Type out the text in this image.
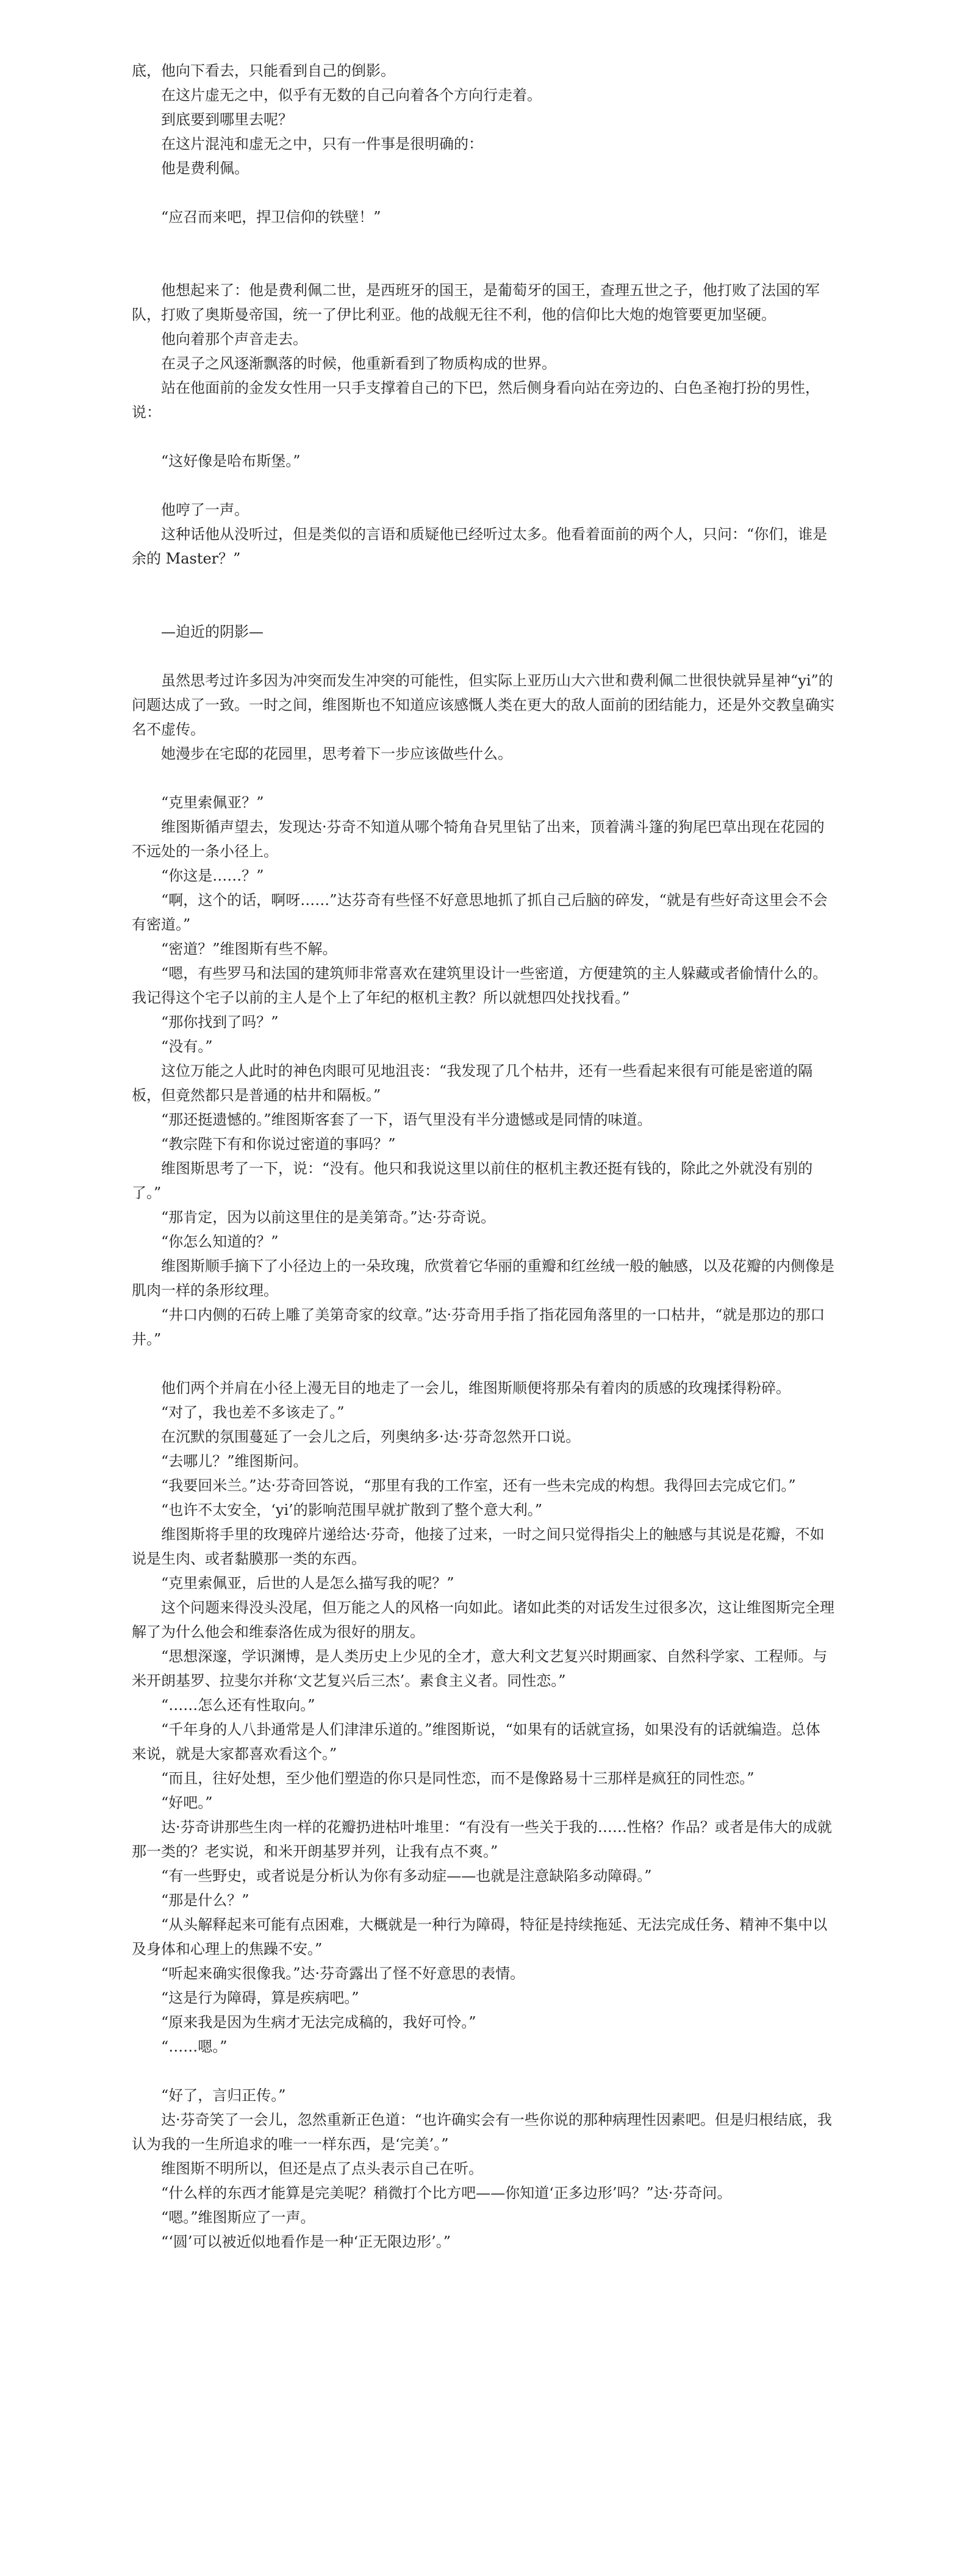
底，他向下看去，只能看到自己的倒影。

在这片虚无之中，似乎有无数的自己向着各个方向行走着。

到底要到哪里去呢？

在这片混沌和虚无之中，只有一件事是很明确的：

他是费利佩。

“应召而来吧，捍卫信仰的铁壁！”

他想起来了：他是费利佩二世，是西班牙的国王，是葡萄牙的国王，查理五世之子，他打败了法国的军队，打败了奥斯曼帝国，统一了伊比利亚。他的战舰无往不利，他的信仰比大炮的炮管要更加坚硬。

他向着那个声音走去。

在灵子之风逐渐飘落的时候，他重新看到了物质构成的世界。

站在他面前的金发女性用一只手支撑着自己的下巴，然后侧身看向站在旁边的、白色圣袍打扮的男性，说：

“这好像是哈布斯堡。”

他哼了一声。

这种话他从没听过，但是类似的言语和质疑他已经听过太多。他看着面前的两个人，只问：“你们，谁是余的 Master？”

—迫近的阴影—

虽然思考过许多因为冲突而发生冲突的可能性，但实际上亚历山大六世和费利佩二世很快就异星神“yi”的问题达成了一致。一时之间，维图斯也不知道应该感慨人类在更大的敌人面前的团结能力，还是外交教皇确实名不虚传。

她漫步在宅邸的花园里，思考着下一步应该做些什么。

“克里索佩亚？”

维图斯循声望去，发现达·芬奇不知道从哪个犄角旮旯里钻了出来，顶着满斗篷的狗尾巴草出现在花园的不远处的一条小径上。

“你这是……？”

“啊，这个的话，啊呀……”达芬奇有些怪不好意思地抓了抓自己后脑的碎发，“就是有些好奇这里会不会有密道。”

“密道？”维图斯有些不解。

“嗯，有些罗马和法国的建筑师非常喜欢在建筑里设计一些密道，方便建筑的主人躲藏或者偷情什么的。我记得这个宅子以前的主人是个上了年纪的枢机主教？所以就想四处找找看。”

“那你找到了吗？”

“没有。”

这位万能之人此时的神色肉眼可见地沮丧：“我发现了几个枯井，还有一些看起来很有可能是密道的隔板，但竟然都只是普通的枯井和隔板。”

“那还挺遗憾的。”维图斯客套了一下，语气里没有半分遗憾或是同情的味道。

“教宗陛下有和你说过密道的事吗？”

维图斯思考了一下，说：“没有。他只和我说这里以前住的枢机主教还挺有钱的，除此之外就没有别的了。”

“那肯定，因为以前这里住的是美第奇。”达·芬奇说。

“你怎么知道的？”

维图斯顺手摘下了小径边上的一朵玫瑰，欣赏着它华丽的重瓣和红丝绒一般的触感，以及花瓣的内侧像是肌肉一样的条形纹理。

“井口内侧的石砖上雕了美第奇家的纹章。”达·芬奇用手指了指花园角落里的一口枯井，“就是那边的那口井。”

他们两个并肩在小径上漫无目的地走了一会儿，维图斯顺便将那朵有着肉的质感的玫瑰揉得粉碎。

“对了，我也差不多该走了。”

在沉默的氛围蔓延了一会儿之后，列奥纳多·达·芬奇忽然开口说。

“去哪儿？”维图斯问。

“我要回米兰。”达·芬奇回答说，“那里有我的工作室，还有一些未完成的构想。我得回去完成它们。”

“也许不太安全，‘yi’的影响范围早就扩散到了整个意大利。”

维图斯将手里的玫瑰碎片递给达·芬奇，他接了过来，一时之间只觉得指尖上的触感与其说是花瓣，不如说是生肉、或者黏膜那一类的东西。

“克里索佩亚，后世的人是怎么描写我的呢？”

这个问题来得没头没尾，但万能之人的风格一向如此。诸如此类的对话发生过很多次，这让维图斯完全理解了为什么他会和维泰洛佐成为很好的朋友。

“思想深邃，学识渊博，是人类历史上少见的全才，意大利文艺复兴时期画家、自然科学家、工程师。与米开朗基罗、拉斐尔并称‘文艺复兴后三杰’。素食主义者。同性恋。”

“……怎么还有性取向。”

“千年身的人八卦通常是人们津津乐道的。”维图斯说，“如果有的话就宣扬，如果没有的话就编造。总体来说，就是大家都喜欢看这个。”

“而且，往好处想，至少他们塑造的你只是同性恋，而不是像路易十三那样是疯狂的同性恋。”

“好吧。”

达·芬奇讲那些生肉一样的花瓣扔进枯叶堆里：“有没有一些关于我的……性格？作品？或者是伟大的成就那一类的？老实说，和米开朗基罗并列，让我有点不爽。”

“有一些野史，或者说是分析认为你有多动症——也就是注意缺陷多动障碍。”

“那是什么？”

“从头解释起来可能有点困难，大概就是一种行为障碍，特征是持续拖延、无法完成任务、精神不集中以及身体和心理上的焦躁不安。”

“听起来确实很像我。”达·芬奇露出了怪不好意思的表情。

“这是行为障碍，算是疾病吧。”

“原来我是因为生病才无法完成稿的，我好可怜。”

“……嗯。”

“好了，言归正传。”

达·芬奇笑了一会儿，忽然重新正色道：“也许确实会有一些你说的那种病理性因素吧。但是归根结底，我认为我的一生所追求的唯一一样东西，是‘完美’。”

维图斯不明所以，但还是点了点头表示自己在听。

“什么样的东西才能算是完美呢？稍微打个比方吧——你知道‘正多边形’吗？”达·芬奇问。

“嗯。”维图斯应了一声。

“‘圆’可以被近似地看作是一种‘正无限边形’。”
